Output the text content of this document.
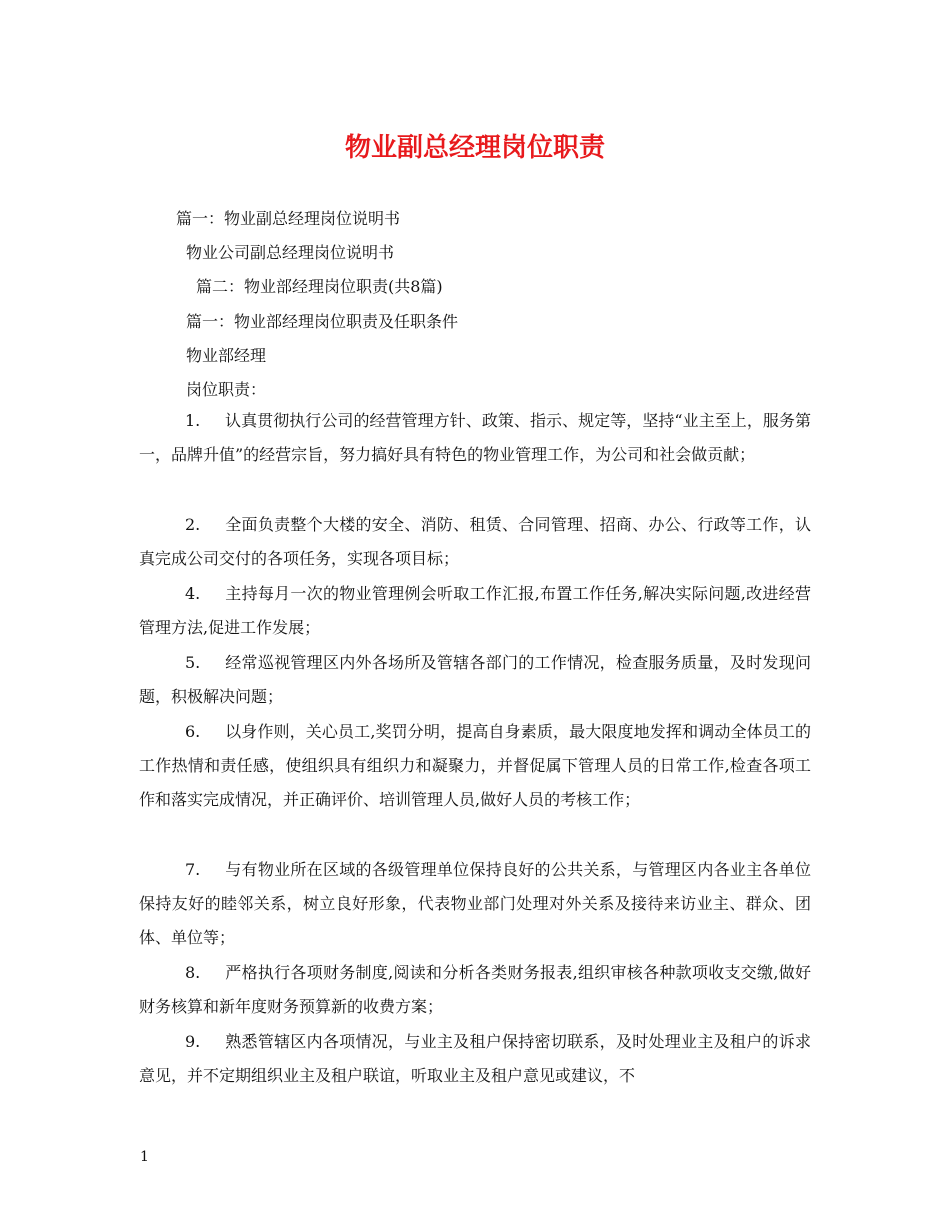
物业副总经理岗位职责
篇一：物业副总经理岗位说明书
物业公司副总经理岗位说明书
篇二：物业部经理岗位职责(共8篇)
篇一：物业部经理岗位职责及任职条件
物业部经理
岗位职责：
1. 认真贯彻执行公司的经营管理方针、政策、指示、规定等，坚持“业主至上，服务第一，品牌升值”的经营宗旨，努力搞好具有特色的物业管理工作，为公司和社会做贡献；
2. 全面负责整个大楼的安全、消防、租赁、合同管理、招商、办公、行政等工作，认真完成公司交付的各项任务，实现各项目标；
4. 主持每月一次的物业管理例会听取工作汇报,布置工作任务,解决实际问题,改进经营管理方法,促进工作发展；
5. 经常巡视管理区内外各场所及管辖各部门的工作情况，检查服务质量，及时发现问题，积极解决问题；
6. 以身作则，关心员工,奖罚分明，提高自身素质，最大限度地发挥和调动全体员工的工作热情和责任感，使组织具有组织力和凝聚力，并督促属下管理人员的日常工作,检查各项工作和落实完成情况，并正确评价、培训管理人员,做好人员的考核工作；
7. 与有物业所在区域的各级管理单位保持良好的公共关系，与管理区内各业主各单位保持友好的睦邻关系，树立良好形象，代表物业部门处理对外关系及接待来访业主、群众、团体、单位等；
8. 严格执行各项财务制度,阅读和分析各类财务报表,组织审核各种款项收支交缴,做好财务核算和新年度财务预算新的收费方案；
9. 熟悉管辖区内各项情况，与业主及租户保持密切联系，及时处理业主及租户的诉求意见，并不定期组织业主及租户联谊，听取业主及租户意见或建议，不
1
